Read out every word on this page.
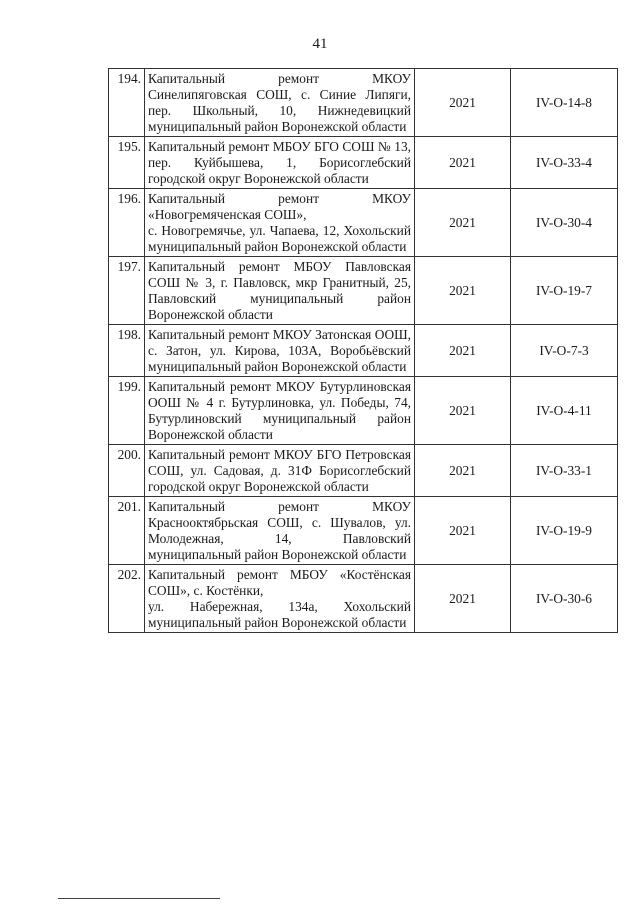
41
194.	Капитальный ремонт МКОУ Синелипяговская СОШ, с. Синие Липяги, пер. Школьный, 10, Нижнедевицкий муниципальный район Воронежской области	2021	IV-О-14-8
195.	Капитальный ремонт МБОУ БГО СОШ № 13, пер. Куйбышева, 1, Борисоглебский городской округ Воронежской области	2021	IV-О-33-4
196.	Капитальный ремонт МКОУ «Новогремяченская СОШ»,
с. Новогремячье, ул. Чапаева, 12, Хохольский муниципальный район Воронежской области	2021	IV-О-30-4
197.	Капитальный ремонт МБОУ Павловская СОШ № 3, г. Павловск, мкр Гранитный, 25, Павловский муниципальный район Воронежской области	2021	IV-О-19-7
198.	Капитальный ремонт МКОУ Затонская ООШ, с. Затон, ул. Кирова, 103А, Воробьёвский муниципальный район Воронежской области	2021	IV-О-7-3
199.	Капитальный ремонт МКОУ Бутурлиновская ООШ № 4 г. Бутурлиновка, ул. Победы, 74, Бутурлиновский муниципальный район Воронежской области	2021	IV-О-4-11
200.	Капитальный ремонт МКОУ БГО Петровская СОШ, ул. Садовая, д. 31Ф Борисоглебский городской округ Воронежской области	2021	IV-О-33-1
201.	Капитальный ремонт МКОУ Краснооктябрьская СОШ, с. Шувалов, ул. Молодежная, 14, Павловский муниципальный район Воронежской области	2021	IV-О-19-9
202.	Капитальный ремонт МБОУ «Костёнская СОШ», с. Костёнки,
ул. Набережная, 134а, Хохольский муниципальный район Воронежской области	2021	IV-О-30-6
